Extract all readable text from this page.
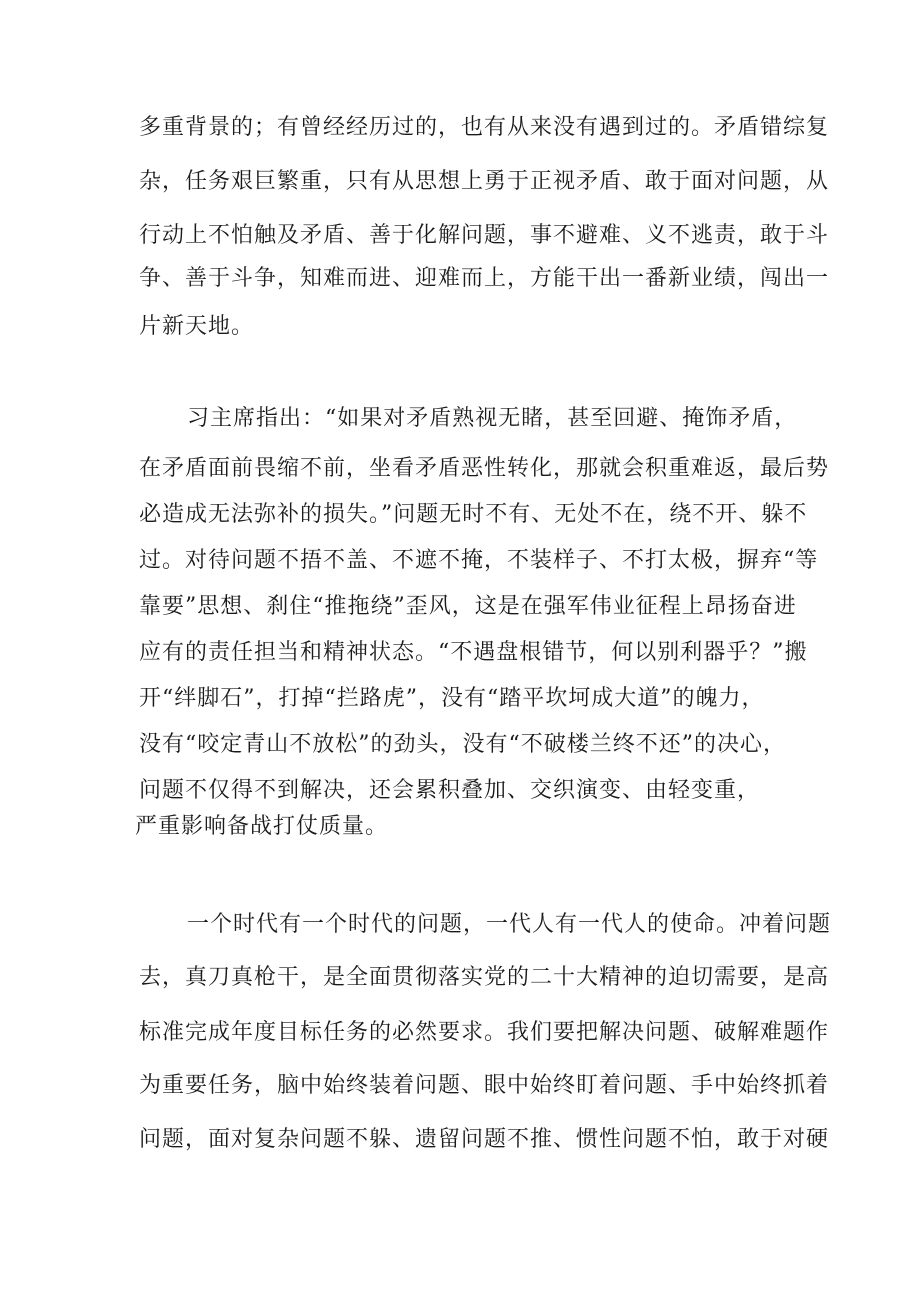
多重背景的；有曾经经历过的，也有从来没有遇到过的。矛盾错综复

杂，任务艰巨繁重，只有从思想上勇于正视矛盾、敢于面对问题，从

行动上不怕触及矛盾、善于化解问题，事不避难、义不逃责，敢于斗

争、善于斗争，知难而进、迎难而上，方能干出一番新业绩，闯出一

片新天地。

习主席指出：“如果对矛盾熟视无睹，甚至回避、掩饰矛盾，

在矛盾面前畏缩不前，坐看矛盾恶性转化，那就会积重难返，最后势

必造成无法弥补的损失。”问题无时不有、无处不在，绕不开、躲不

过。对待问题不捂不盖、不遮不掩，不装样子、不打太极，摒弃“等

靠要”思想、刹住“推拖绕”歪风，这是在强军伟业征程上昂扬奋进

应有的责任担当和精神状态。“不遇盘根错节，何以别利器乎？”搬

开“绊脚石”，打掉“拦路虎”，没有“踏平坎坷成大道”的魄力，

没有“咬定青山不放松”的劲头，没有“不破楼兰终不还”的决心，

问题不仅得不到解决，还会累积叠加、交织演变、由轻变重，

严重影响备战打仗质量。

一个时代有一个时代的问题，一代人有一代人的使命。冲着问题

去，真刀真枪干，是全面贯彻落实党的二十大精神的迫切需要，是高

标准完成年度目标任务的必然要求。我们要把解决问题、破解难题作

为重要任务，脑中始终装着问题、眼中始终盯着问题、手中始终抓着

问题，面对复杂问题不躲、遗留问题不推、惯性问题不怕，敢于对硬
